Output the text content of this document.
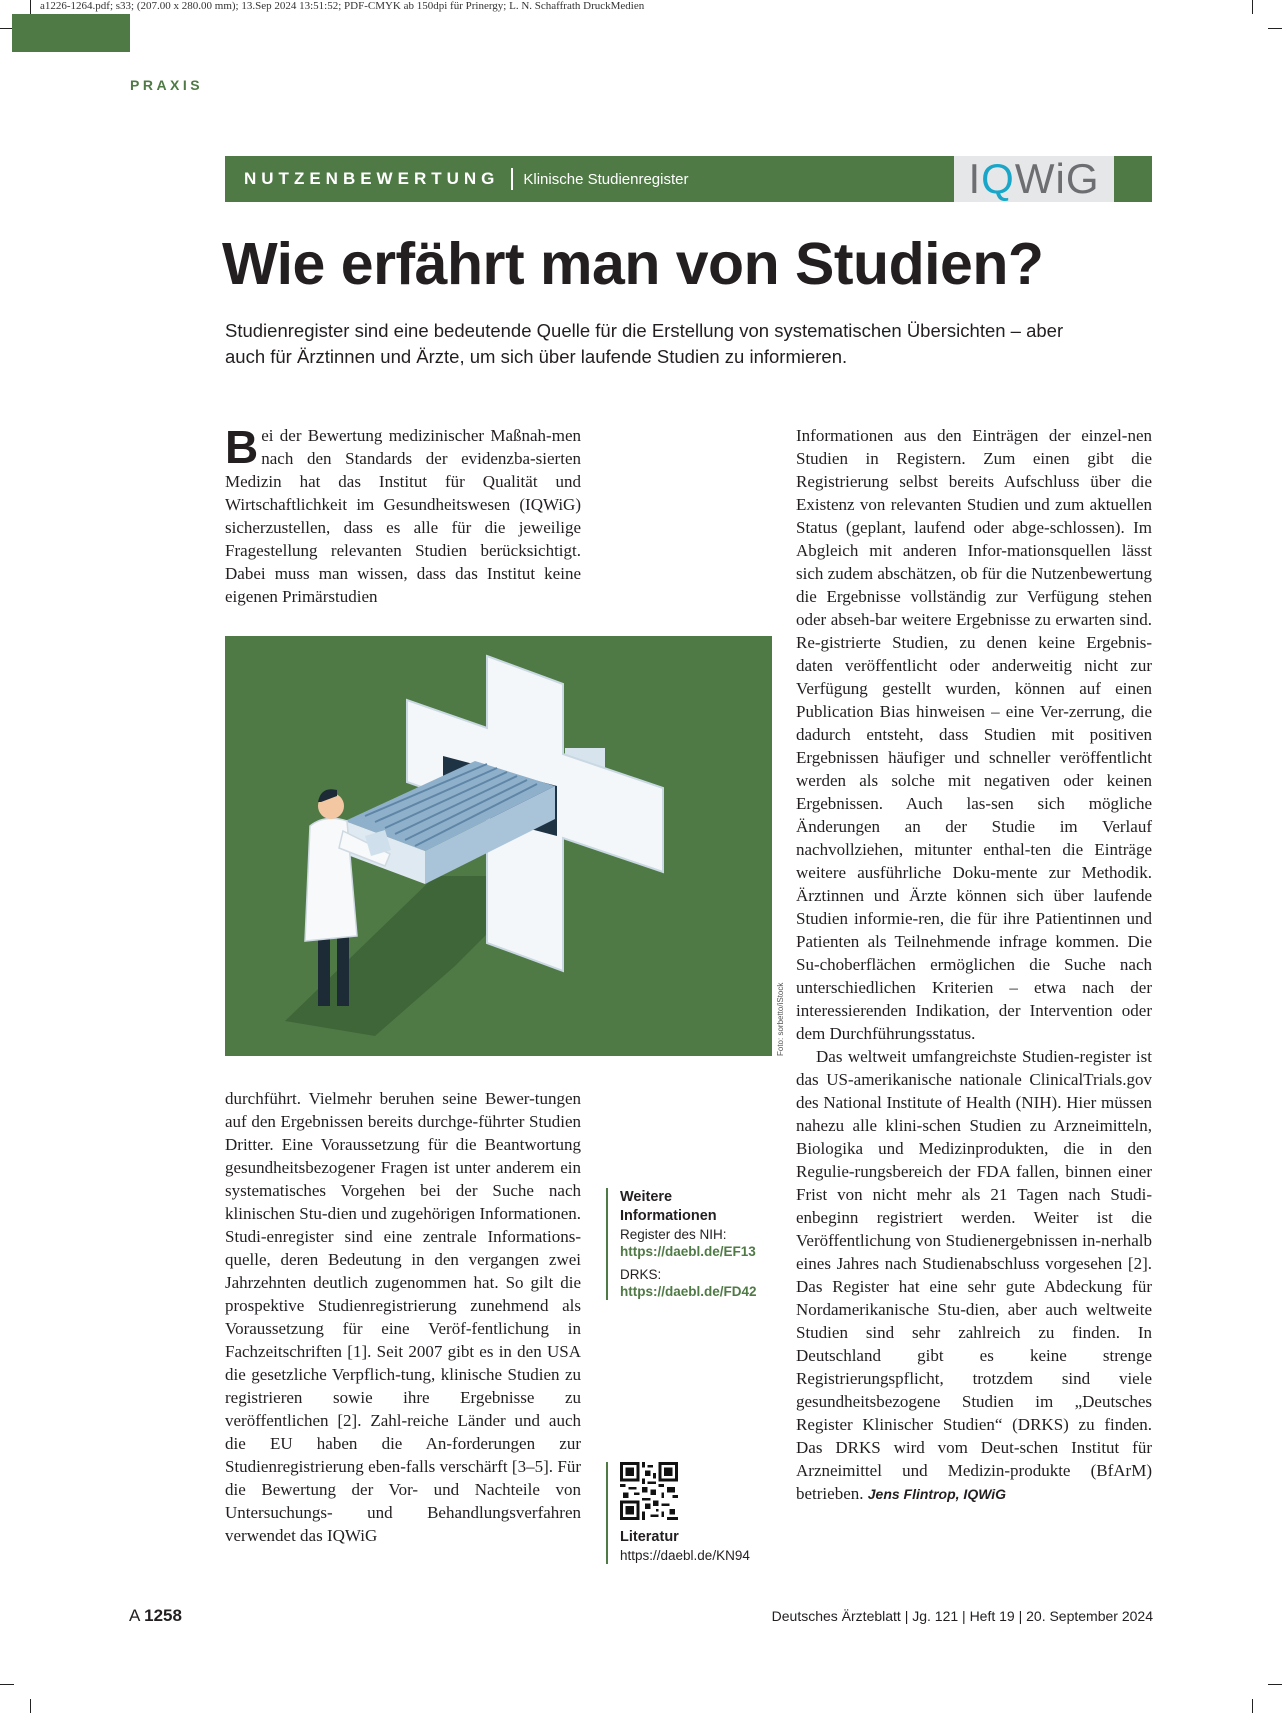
a1226-1264.pdf; s33; (207.00 x 280.00 mm); 13.Sep 2024 13:51:52; PDF-CMYK ab 150dpi für Prinergy; L. N. Schaffrath DruckMedien
PRAXIS
NUTZENBEWERTUNG Klinische Studienregister	I Q WiG
Wie erfährt man von Studien?

Studienregister sind eine bedeutende Quelle für die Erstellung von systematischen Übersichten – aber auch für Ärztinnen und Ärzte, um sich über laufende Studien zu informieren.

Bei der Bewertung medizinischer Maßnah-men nach den Standards der evidenzba-sierten Medizin hat das Institut für Qualität und Wirtschaftlichkeit im Gesundheitswesen (IQWiG) sicherzustellen, dass es alle für die jeweilige Fragestellung relevanten Studien berücksichtigt. Dabei muss man wissen, dass das Institut keine eigenen Primärstudien

Foto: sorbetto/iStock

durchführt. Vielmehr beruhen seine Bewer-tungen auf den Ergebnissen bereits durchge-führter Studien Dritter. Eine Voraussetzung für die Beantwortung gesundheitsbezogener Fragen ist unter anderem ein systematisches Vorgehen bei der Suche nach klinischen Stu-dien und zugehörigen Informationen. Studi-enregister sind eine zentrale Informations-quelle, deren Bedeutung in den vergangen zwei Jahrzehnten deutlich zugenommen hat. So gilt die prospektive Studienregistrierung zunehmend als Voraussetzung für eine Veröf-fentlichung in Fachzeitschriften [1]. Seit 2007 gibt es in den USA die gesetzliche Verpflich-tung, klinische Studien zu registrieren sowie ihre Ergebnisse zu veröffentlichen [2]. Zahl-reiche Länder und auch die EU haben die An-forderungen zur Studienregistrierung eben-falls verschärft [3–5]. Für die Bewertung der Vor- und Nachteile von Untersuchungs- und Behandlungsverfahren verwendet das IQWiG

Weitere Informationen
Register des NIH:
https://daebl.de/EF13
DRKS:
https://daebl.de/FD42
Literatur
https://daebl.de/KN94

Informationen aus den Einträgen der einzel-nen Studien in Registern. Zum einen gibt die Registrierung selbst bereits Aufschluss über die Existenz von relevanten Studien und zum aktuellen Status (geplant, laufend oder abge-schlossen). Im Abgleich mit anderen Infor-mationsquellen lässt sich zudem abschätzen, ob für die Nutzenbewertung die Ergebnisse vollständig zur Verfügung stehen oder abseh-bar weitere Ergebnisse zu erwarten sind. Re-gistrierte Studien, zu denen keine Ergebnis-daten veröffentlicht oder anderweitig nicht zur Verfügung gestellt wurden, können auf einen Publication Bias hinweisen – eine Ver-zerrung, die dadurch entsteht, dass Studien mit positiven Ergebnissen häufiger und schneller veröffentlicht werden als solche mit negativen oder keinen Ergebnissen. Auch las-sen sich mögliche Änderungen an der Studie im Verlauf nachvollziehen, mitunter enthal-ten die Einträge weitere ausführliche Doku-mente zur Methodik. Ärztinnen und Ärzte können sich über laufende Studien informie-ren, die für ihre Patientinnen und Patienten als Teilnehmende infrage kommen. Die Su-choberflächen ermöglichen die Suche nach unterschiedlichen Kriterien – etwa nach der interessierenden Indikation, der Intervention oder dem Durchführungsstatus.

Das weltweit umfangreichste Studien-register ist das US-amerikanische nationale ClinicalTrials.gov des National Institute of Health (NIH). Hier müssen nahezu alle klini-schen Studien zu Arzneimitteln, Biologika und Medizinprodukten, die in den Regulie-rungsbereich der FDA fallen, binnen einer Frist von nicht mehr als 21 Tagen nach Studi-enbeginn registriert werden. Weiter ist die Veröffentlichung von Studienergebnissen in-nerhalb eines Jahres nach Studienabschluss vorgesehen [2]. Das Register hat eine sehr gute Abdeckung für Nordamerikanische Stu-dien, aber auch weltweite Studien sind sehr zahlreich zu finden. In Deutschland gibt es keine strenge Registrierungspflicht, trotzdem sind viele gesundheitsbezogene Studien im „Deutsches Register Klinischer Studien“ (DRKS) zu finden. Das DRKS wird vom Deut-schen Institut für Arzneimittel und Medizin-produkte (BfArM) betrieben. Jens Flintrop, IQWiG

A 1258	Deutsches Ärzteblatt | Jg. 121 | Heft 19 | 20. September 2024
